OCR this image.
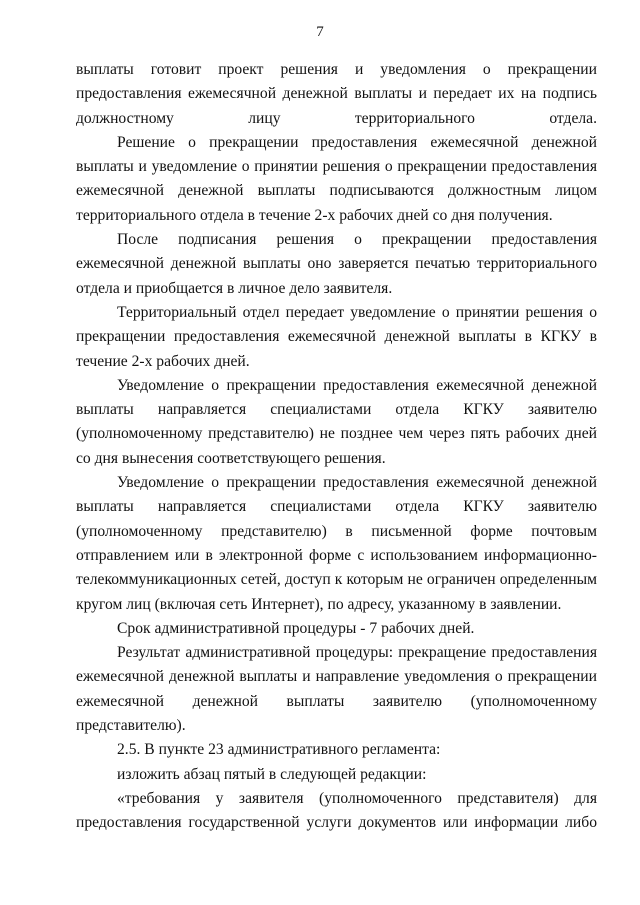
7

выплаты готовит проект решения и уведомления о прекращении предоставления ежемесячной денежной выплаты и передает их на подпись должностному лицу территориального отдела.

Решение о прекращении предоставления ежемесячной денежной выплаты и уведомление о принятии решения о прекращении предоставления ежемесячной денежной выплаты подписываются должностным лицом территориального отдела в течение 2-х рабочих дней со дня получения.

После подписания решения о прекращении предоставления ежемесячной денежной выплаты оно заверяется печатью территориального отдела и приобщается в личное дело заявителя.

Территориальный отдел передает уведомление о принятии решения о прекращении предоставления ежемесячной денежной выплаты в КГКУ в течение 2-х рабочих дней.

Уведомление о прекращении предоставления ежемесячной денежной выплаты направляется специалистами отдела КГКУ заявителю (уполномоченному представителю) не позднее чем через пять рабочих дней со дня вынесения соответствующего решения.

Уведомление о прекращении предоставления ежемесячной денежной выплаты направляется специалистами отдела КГКУ заявителю (уполномоченному представителю) в письменной форме почтовым отправлением или в электронной форме с использованием информационно-телекоммуникационных сетей, доступ к которым не ограничен определенным кругом лиц (включая сеть Интернет), по адресу, указанному в заявлении.

Срок административной процедуры - 7 рабочих дней.

Результат административной процедуры: прекращение предоставления ежемесячной денежной выплаты и направление уведомления о прекращении ежемесячной денежной выплаты заявителю (уполномоченному представителю).

2.5. В пункте 23 административного регламента:

изложить абзац пятый в следующей редакции:

«требования у заявителя (уполномоченного представителя) для предоставления государственной услуги документов или информации либо
